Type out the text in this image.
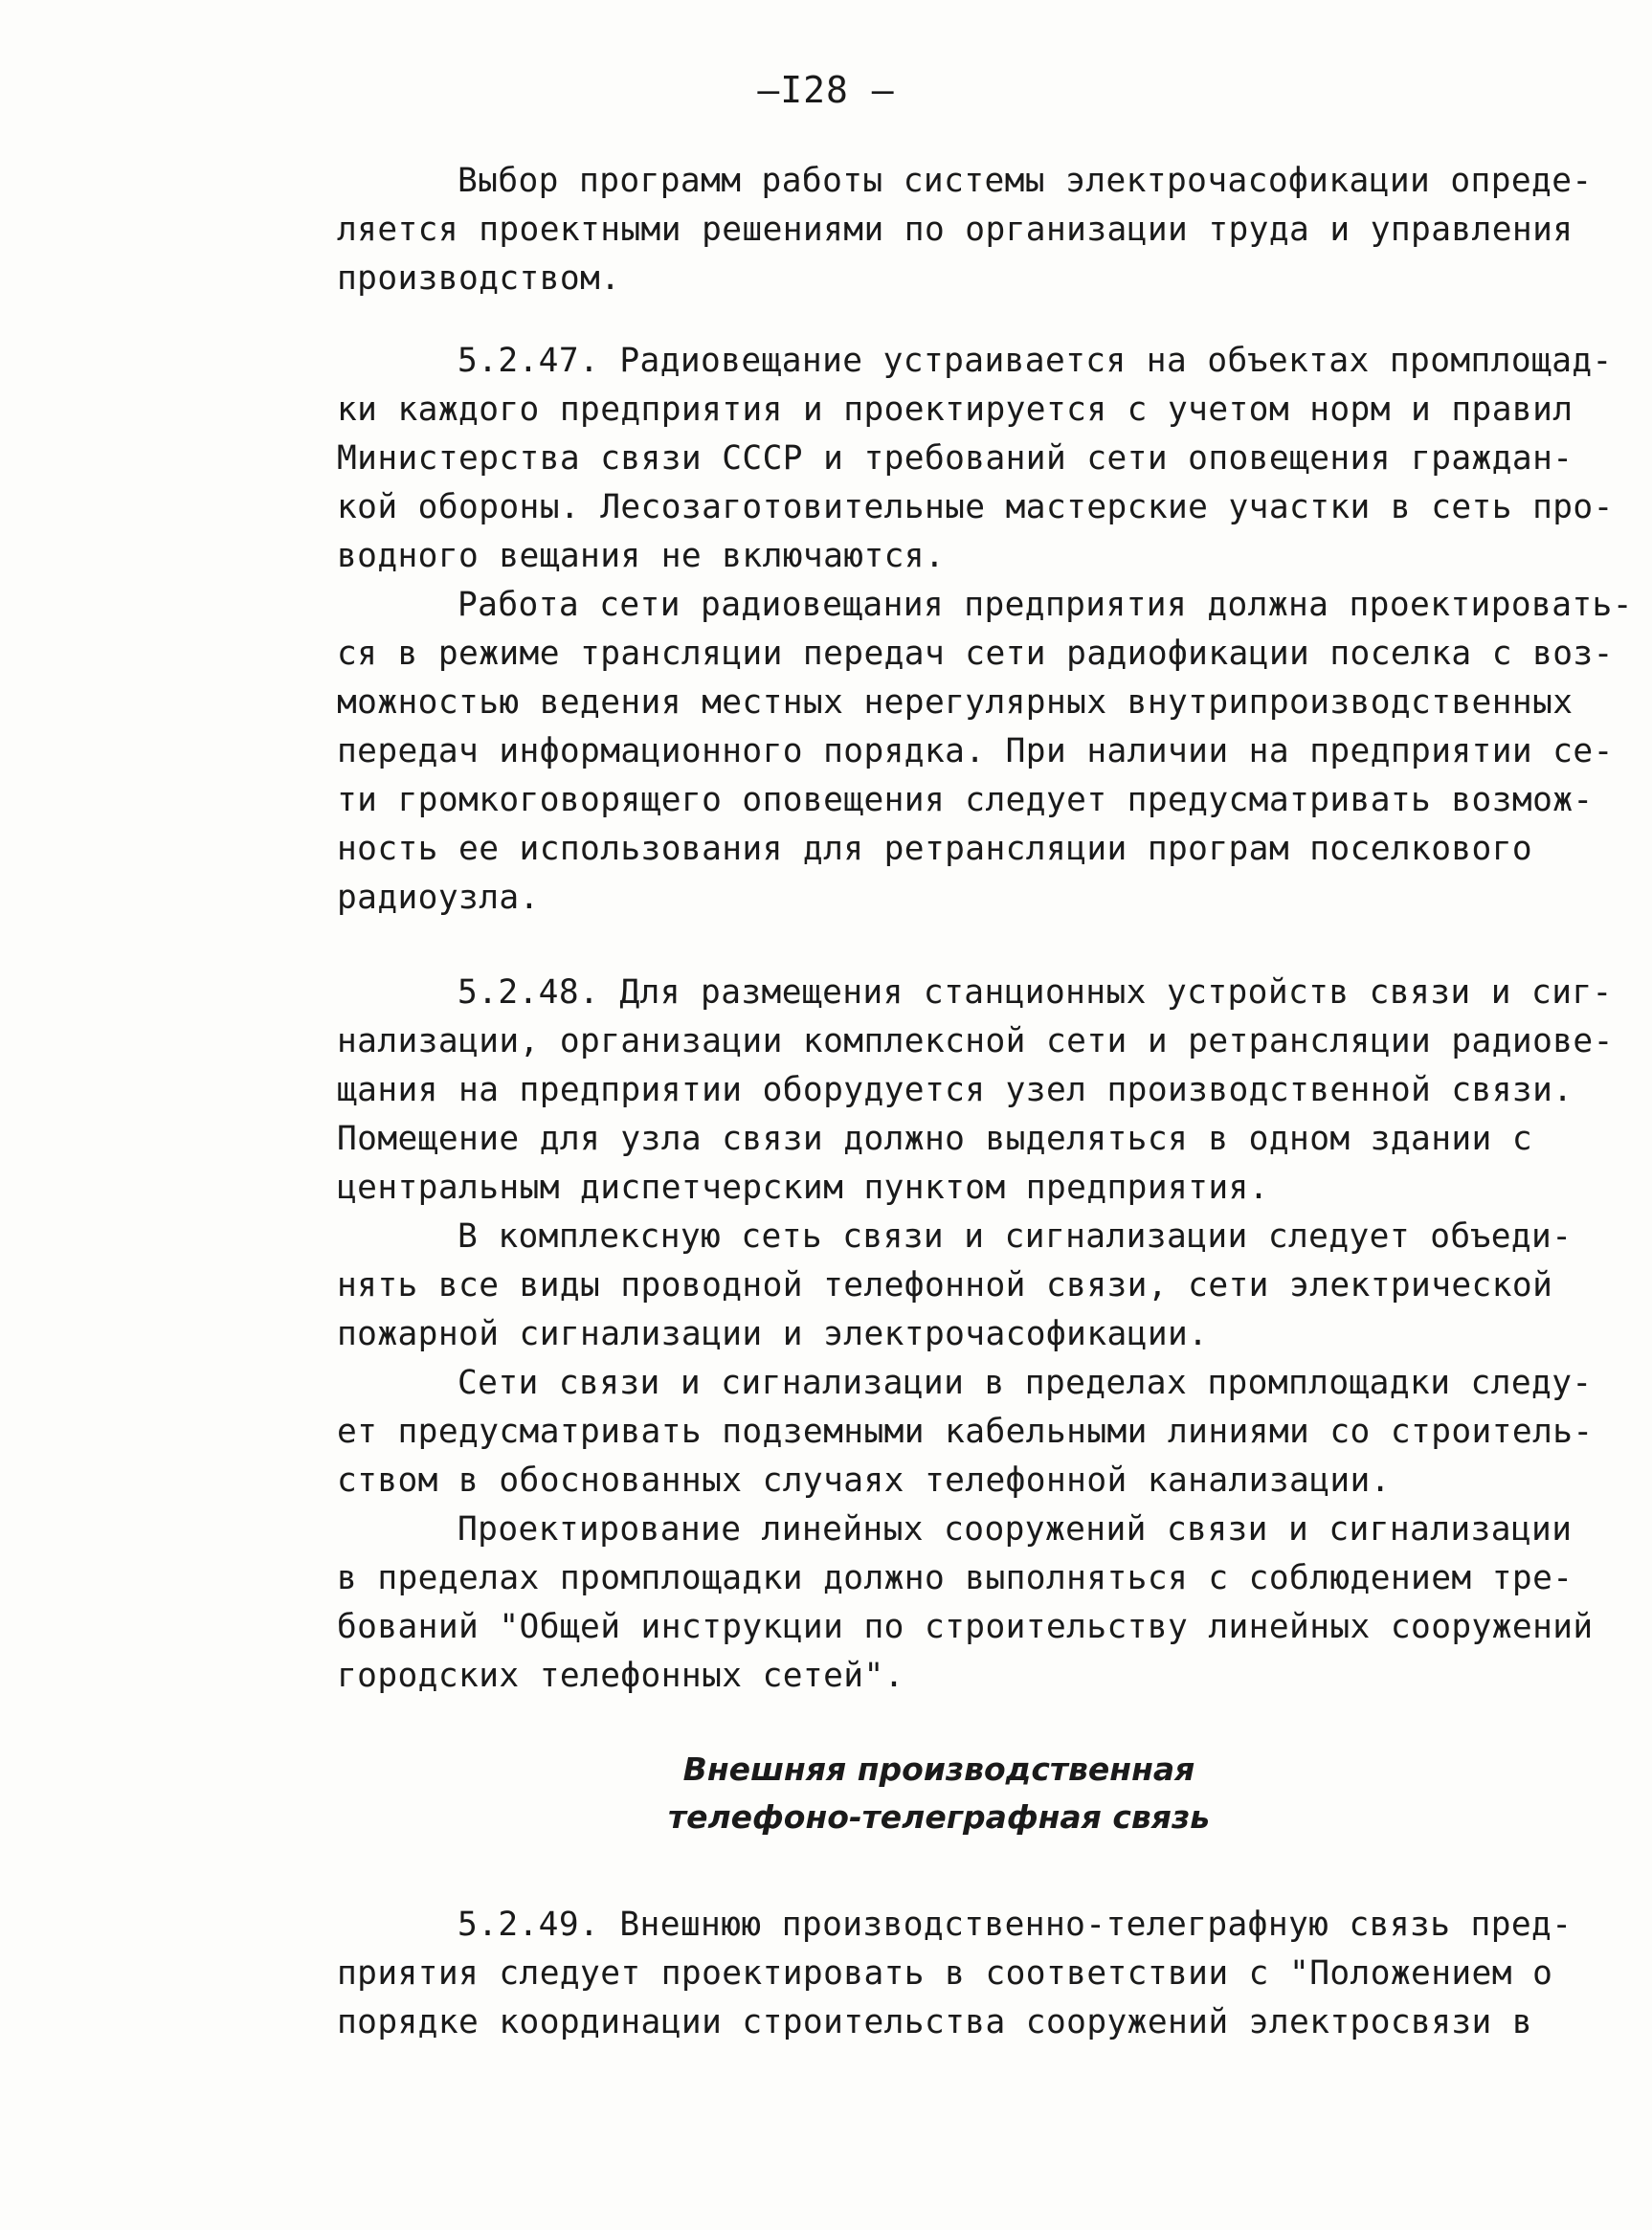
—I28 —
Выбор программ работы системы электрочасофикации опреде-
ляется проектными решениями по организации труда и управления
производством.
5.2.47. Радиовещание устраивается на объектах промплощад-
ки каждого предприятия и проектируется с учетом норм и правил
Министерства связи СССР и требований сети оповещения граждан-
кой обороны. Лесозаготовительные мастерские участки в сеть про-
водного вещания не включаются.
Работа сети радиовещания предприятия должна проектировать-
ся в режиме трансляции передач сети радиофикации поселка с воз-
можностью ведения местных нерегулярных внутрипроизводственных
передач информационного порядка. При наличии на предприятии се-
ти громкоговорящего оповещения следует предусматривать возмож-
ность ее использования для ретрансляции програм поселкового
радиоузла.
5.2.48. Для размещения станционных устройств связи и сиг-
нализации, организации комплексной сети и ретрансляции радиове-
щания на предприятии оборудуется узел производственной связи.
Помещение для узла связи должно выделяться в одном здании с
центральным диспетчерским пунктом предприятия.
В комплексную сеть связи и сигнализации следует объеди-
нять все виды проводной телефонной связи, сети электрической
пожарной сигнализации и электрочасофикации.
Сети связи и сигнализации в пределах промплощадки следу-
ет предусматривать подземными кабельными линиями со строитель-
ством в обоснованных случаях телефонной канализации.
Проектирование линейных сооружений связи и сигнализации
в пределах промплощадки должно выполняться с соблюдением тре-
бований "Общей инструкции по строительству линейных сооружений
городских телефонных сетей".
Внешняя производственная
телефоно-телеграфная связь
5.2.49. Внешнюю производственно-телеграфную связь пред-
приятия следует проектировать в соответствии с "Положением о
порядке координации строительства сооружений электросвязи в
